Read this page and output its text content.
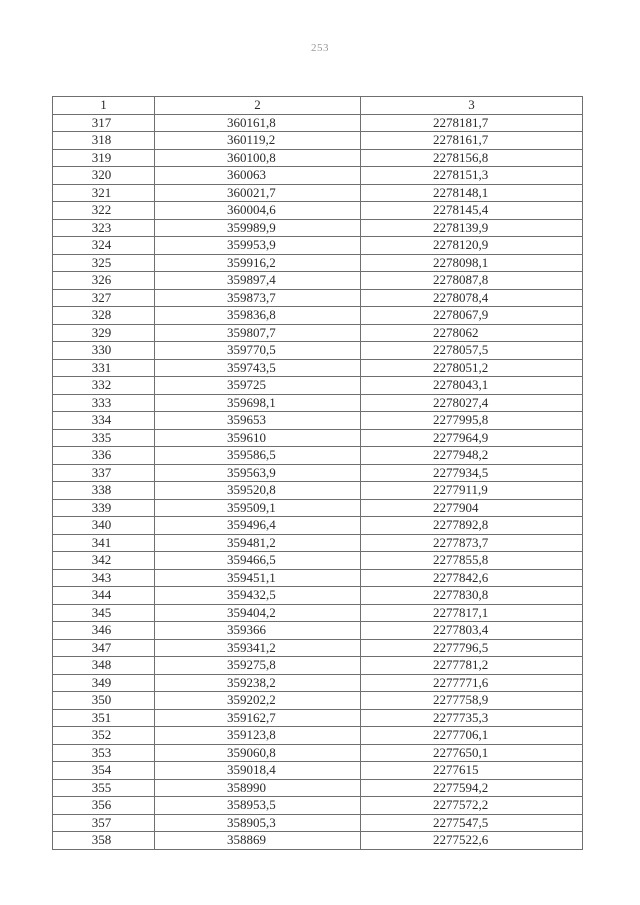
253
1	2	3
317	360161,8	2278181,7
318	360119,2	2278161,7
319	360100,8	2278156,8
320	360063	2278151,3
321	360021,7	2278148,1
322	360004,6	2278145,4
323	359989,9	2278139,9
324	359953,9	2278120,9
325	359916,2	2278098,1
326	359897,4	2278087,8
327	359873,7	2278078,4
328	359836,8	2278067,9
329	359807,7	2278062
330	359770,5	2278057,5
331	359743,5	2278051,2
332	359725	2278043,1
333	359698,1	2278027,4
334	359653	2277995,8
335	359610	2277964,9
336	359586,5	2277948,2
337	359563,9	2277934,5
338	359520,8	2277911,9
339	359509,1	2277904
340	359496,4	2277892,8
341	359481,2	2277873,7
342	359466,5	2277855,8
343	359451,1	2277842,6
344	359432,5	2277830,8
345	359404,2	2277817,1
346	359366	2277803,4
347	359341,2	2277796,5
348	359275,8	2277781,2
349	359238,2	2277771,6
350	359202,2	2277758,9
351	359162,7	2277735,3
352	359123,8	2277706,1
353	359060,8	2277650,1
354	359018,4	2277615
355	358990	2277594,2
356	358953,5	2277572,2
357	358905,3	2277547,5
358	358869	2277522,6
